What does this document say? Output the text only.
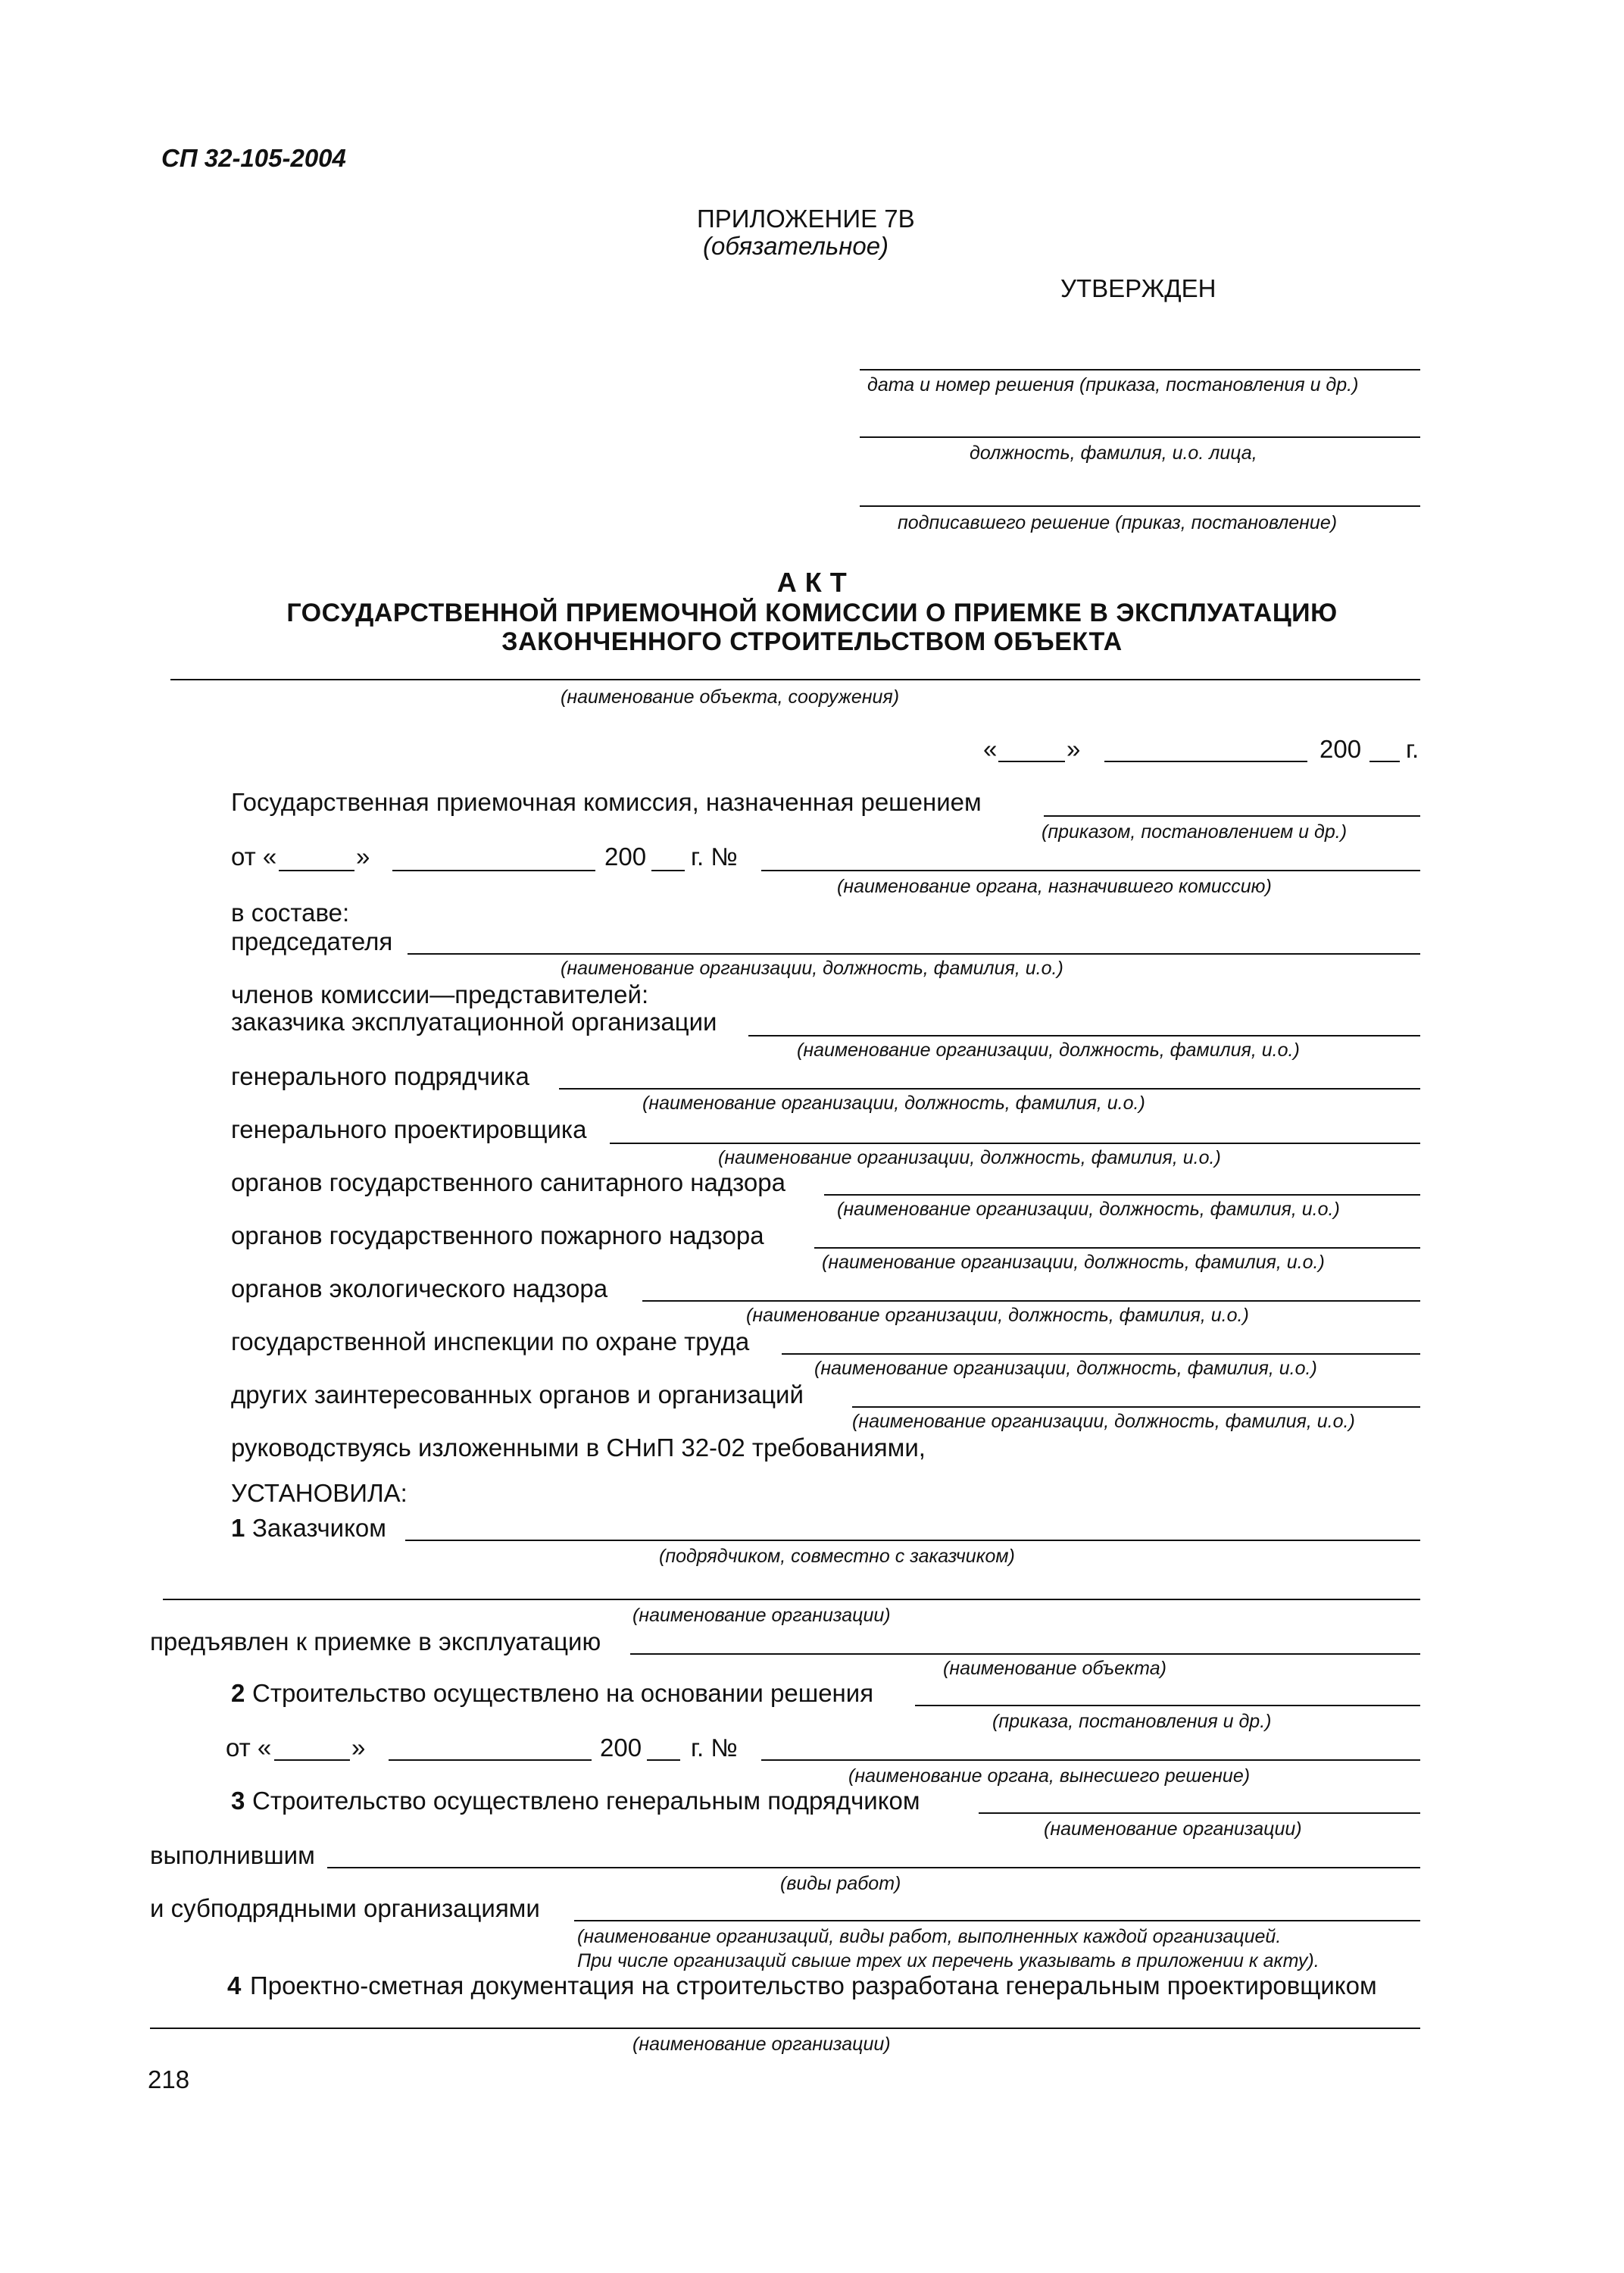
СП 32-105-2004
ПРИЛОЖЕНИЕ 7В
(обязательное)
УТВЕРЖДЕН
дата и номер решения (приказа, постановления и др.)
должность, фамилия, и.о. лица,
подписавшего решение (приказ, постановление)
А К Т
ГОСУДАРСТВЕННОЙ ПРИЕМОЧНОЙ КОМИССИИ О ПРИЕМКЕ В ЭКСПЛУАТАЦИЮ
ЗАКОНЧЕННОГО СТРОИТЕЛЬСТВОМ ОБЪЕКТА
(наименование объекта, сооружения)
«	»	200 г.
Государственная приемочная комиссия, назначенная решением
(приказом, постановлением и др.)
от «	»	200 г. №
(наименование органа, назначившего комиссию)
в составе:
председателя
(наименование организации, должность, фамилия, и.о.)
членов комиссии—представителей:
заказчика эксплуатационной организации
(наименование организации, должность, фамилия, и.о.)
генерального подрядчика
(наименование организации, должность, фамилия, и.о.)
генерального проектировщика
(наименование организации, должность, фамилия, и.о.)
органов государственного санитарного надзора
(наименование организации, должность, фамилия, и.о.)
органов государственного пожарного надзора
(наименование организации, должность, фамилия, и.о.)
органов экологического надзора
(наименование организации, должность, фамилия, и.о.)
государственной инспекции по охране труда
(наименование организации, должность, фамилия, и.о.)
других заинтересованных органов и организаций
(наименование организации, должность, фамилия, и.о.)
руководствуясь изложенными в СНиП 32-02 требованиями,
УСТАНОВИЛА:
1 Заказчиком
(подрядчиком, совместно с заказчиком)
(наименование организации)
предъявлен к приемке в эксплуатацию
(наименование объекта)
2 Строительство осуществлено на основании решения
(приказа, постановления и др.)
от «	»	200 г. №
(наименование органа, вынесшего решение)
3 Строительство осуществлено генеральным подрядчиком
(наименование организации)
выполнившим
(виды работ)
и субподрядными организациями
(наименование организаций, виды работ, выполненных каждой организацией.
При числе организаций свыше трех их перечень указывать в приложении к акту).
4 Проектно-сметная документация на строительство разработана генеральным проектировщиком
(наименование организации)
218
